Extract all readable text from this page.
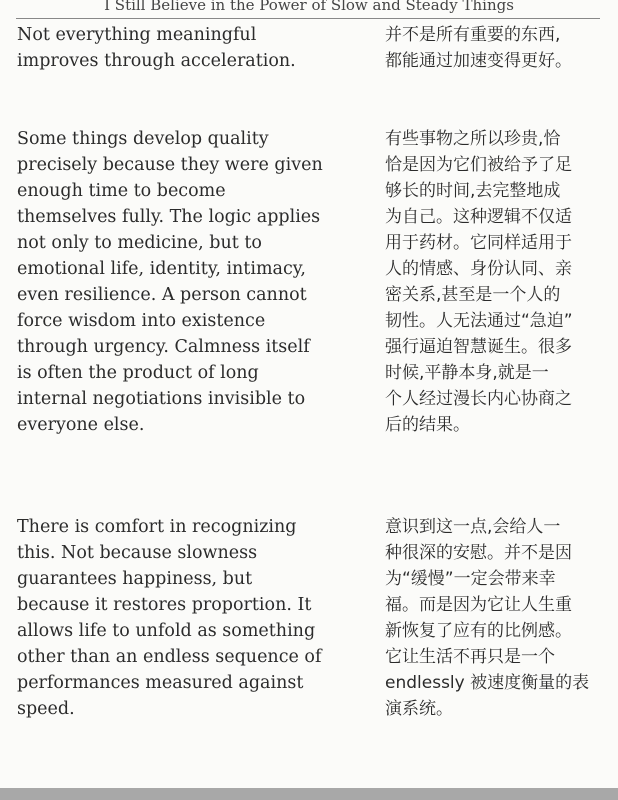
I Still Believe in the Power of Slow and Steady Things
Not everything meaningful
improves through acceleration.
并不是所有重要的东西,
都能通过加速变得更好。
Some things develop quality
precisely because they were given
enough time to become
themselves fully. The logic applies
not only to medicine, but to
emotional life, identity, intimacy,
even resilience. A person cannot
force wisdom into existence
through urgency. Calmness itself
is often the product of long
internal negotiations invisible to
everyone else.
有些事物之所以珍贵,恰
恰是因为它们被给予了足
够长的时间,去完整地成
为自己。这种逻辑不仅适
用于药材。它同样适用于
人的情感、身份认同、亲
密关系,甚至是一个人的
韧性。人无法通过“急迫”
强行逼迫智慧诞生。很多
时候,平静本身,就是一
个人经过漫长内心协商之
后的结果。
There is comfort in recognizing
this. Not because slowness
guarantees happiness, but
because it restores proportion. It
allows life to unfold as something
other than an endless sequence of
performances measured against
speed.
意识到这一点,会给人一
种很深的安慰。并不是因
为“缓慢”一定会带来幸
福。而是因为它让人生重
新恢复了应有的比例感。
它让生活不再只是一个
endlessly 被速度衡量的表
演系统。
